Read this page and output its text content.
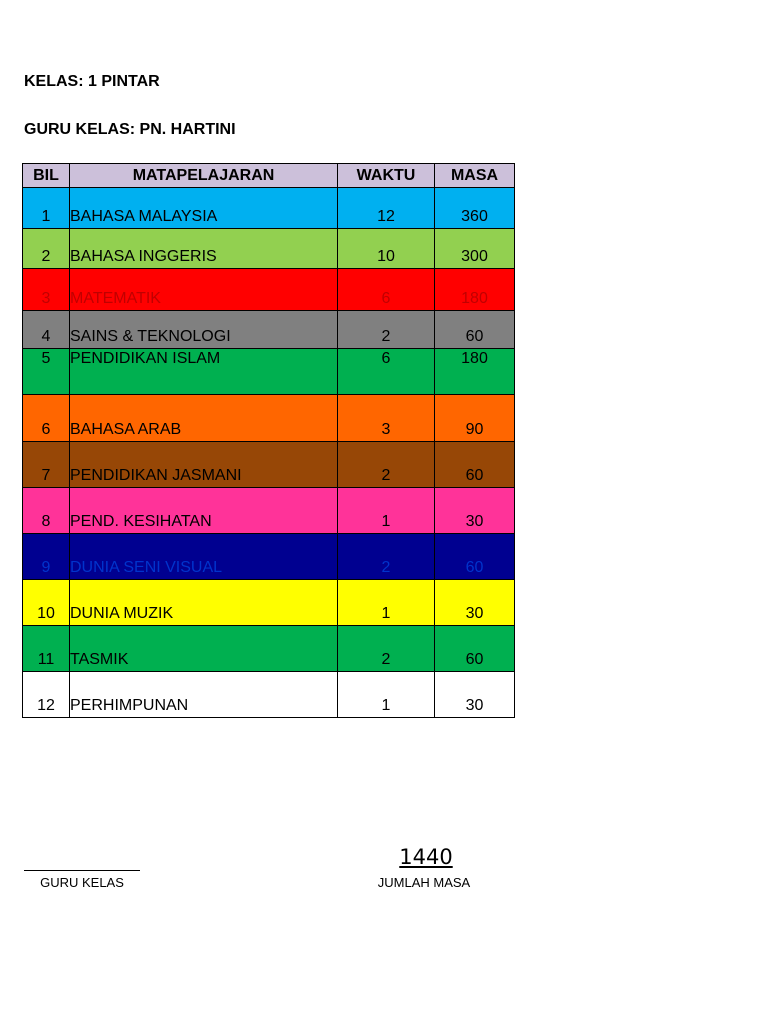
KELAS: 1 PINTAR
GURU KELAS: PN. HARTINI
BIL	MATAPELAJARAN	WAKTU	MASA
1	BAHASA MALAYSIA	12	360
2	BAHASA INGGERIS	10	300
3	MATEMATIK	6	180
4	SAINS & TEKNOLOGI	2	60
5	PENDIDIKAN ISLAM	6	180
6	BAHASA ARAB	3	90
7	PENDIDIKAN JASMANI	2	60
8	PEND. KESIHATAN	1	30
9	DUNIA SENI VISUAL	2	60
10	DUNIA MUZIK	1	30
11	TASMIK	2	60
12	PERHIMPUNAN	1	30
GURU KELAS
1440
JUMLAH MASA
